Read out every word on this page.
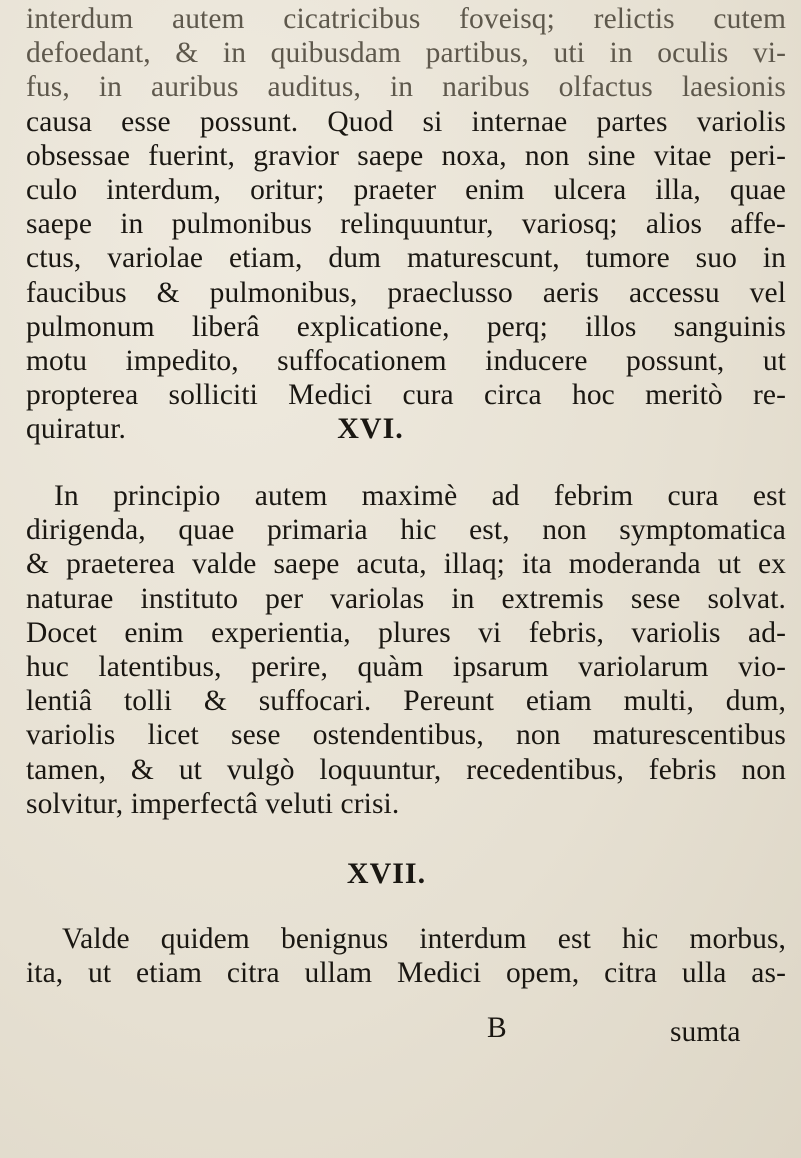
interdum autem cicatricibus foveisq; relictis cutem
defoedant, & in quibusdam partibus, uti in oculis vi-
fus, in auribus auditus, in naribus olfactus laesionis
causa esse possunt. Quod si internae partes variolis
obsessae fuerint, gravior saepe noxa, non sine vitae peri-
culo interdum, oritur; praeter enim ulcera illa, quae
saepe in pulmonibus relinquuntur, variosq; alios affe-
ctus, variolae etiam, dum maturescunt, tumore suo in
faucibus & pulmonibus, praeclusso aeris accessu vel
pulmonum liberâ explicatione, perq; illos sanguinis
motu impedito, suffocationem inducere possunt, ut
propterea solliciti Medici cura circa hoc meritò re-
quiratur.	XVI.
In principio autem maximè ad febrim cura est
dirigenda, quae primaria hic est, non symptomatica
& praeterea valde saepe acuta, illaq; ita moderanda ut ex
naturae instituto per variolas in extremis sese solvat.
Docet enim experientia, plures vi febris, variolis ad-
huc latentibus, perire, quàm ipsarum variolarum vio-
lentiâ tolli & suffocari. Pereunt etiam multi, dum,
variolis licet sese ostendentibus, non maturescentibus
tamen, & ut vulgò loquuntur, recedentibus, febris non
solvitur, imperfectâ veluti crisi.
XVII.
Valde quidem benignus interdum est hic morbus,
ita, ut etiam citra ullam Medici opem, citra ulla as-
B	sumta
